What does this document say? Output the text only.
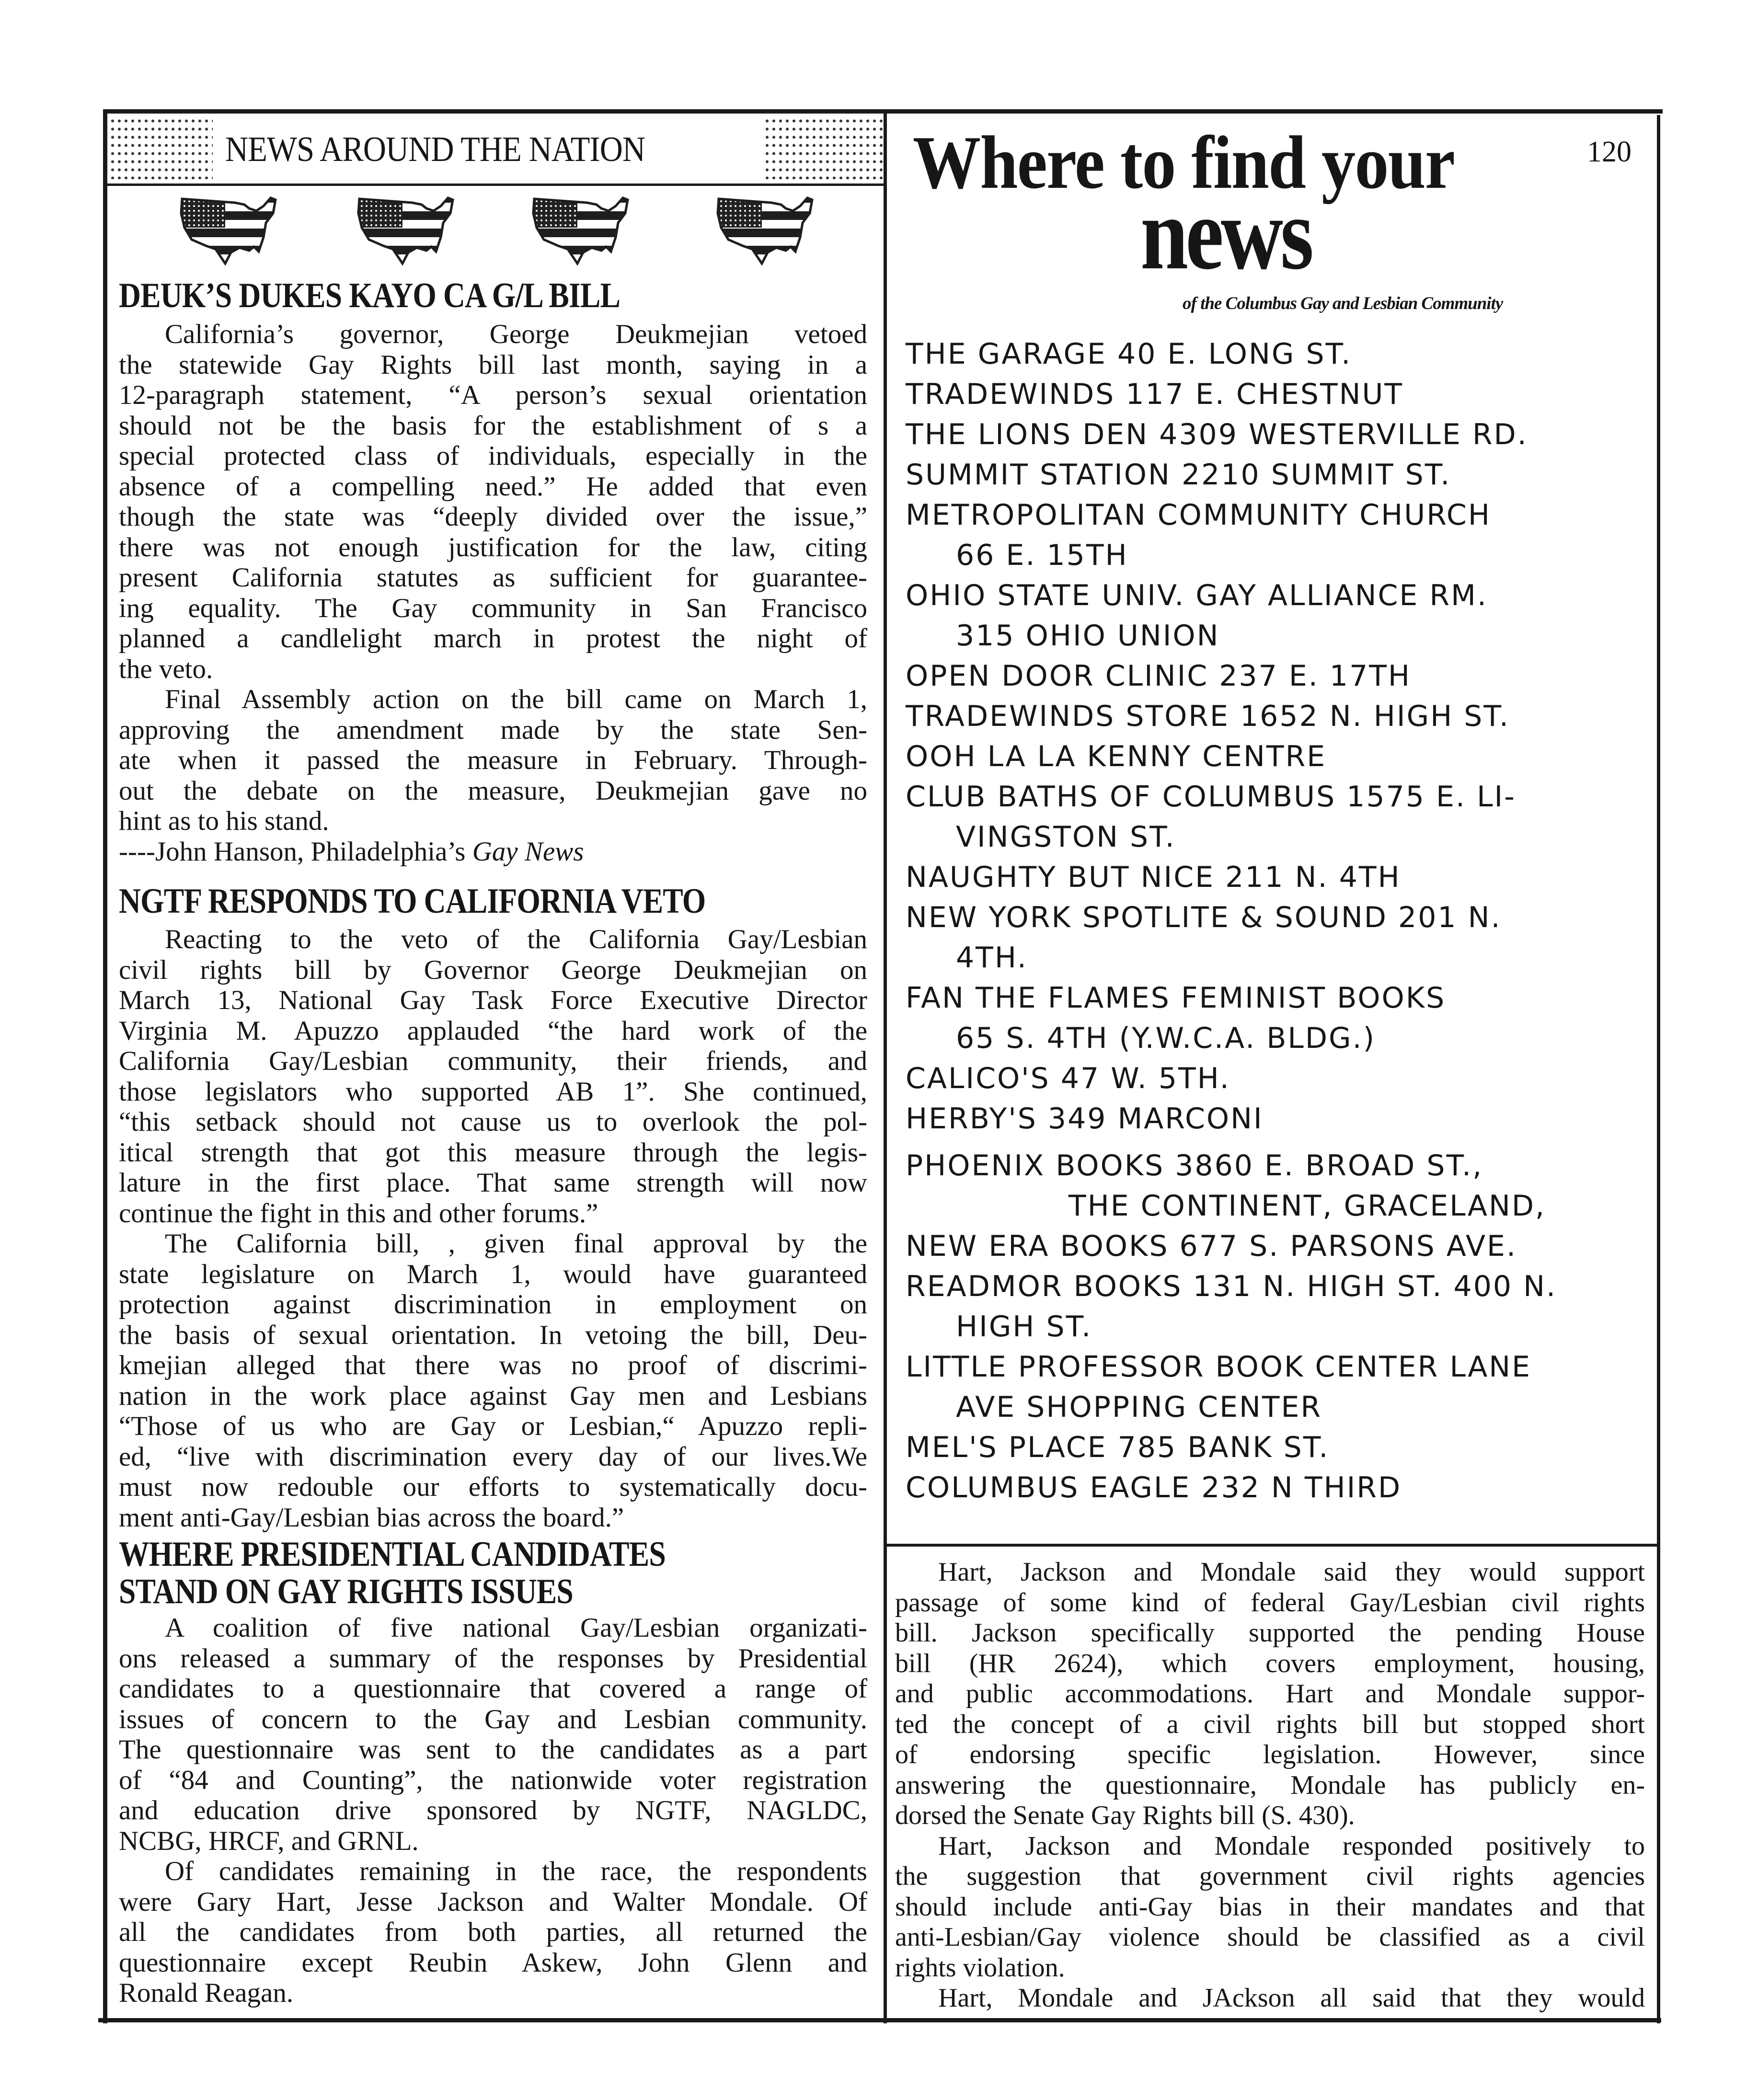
NEWS AROUND THE NATION
DEUK’S DUKES KAYO CA G/L BILL
California’s governor, George Deukmejian vetoed
the statewide Gay Rights bill last month, saying in a
12-paragraph statement, “A person’s sexual orientation
should not be the basis for the establishment of s a
special protected class of individuals, especially in the
absence of a compelling need.” He added that even
though the state was “deeply divided over the issue,”
there was not enough justification for the law, citing
present California statutes as sufficient for guarantee-
ing equality. The Gay community in San Francisco
planned a candlelight march in protest the night of
the veto.
Final Assembly action on the bill came on March 1,
approving the amendment made by the state Sen-
ate when it passed the measure in February. Through-
out the debate on the measure, Deukmejian gave no
hint as to his stand.
----John Hanson, Philadelphia’s Gay News
NGTF RESPONDS TO CALIFORNIA VETO
Reacting to the veto of the California Gay/Lesbian
civil rights bill by Governor George Deukmejian on
March 13, National Gay Task Force Executive Director
Virginia M. Apuzzo applauded “the hard work of the
California Gay/Lesbian community, their friends, and
those legislators who supported AB 1”. She continued,
“this setback should not cause us to overlook the pol-
itical strength that got this measure through the legis-
lature in the first place. That same strength will now
continue the fight in this and other forums.”
The California bill, , given final approval by the
state legislature on March 1, would have guaranteed
protection against discrimination in employment on
the basis of sexual orientation. In vetoing the bill, Deu-
kmejian alleged that there was no proof of discrimi-
nation in the work place against Gay men and Lesbians
“Those of us who are Gay or Lesbian,“ Apuzzo repli-
ed, “live with discrimination every day of our lives.We
must now redouble our efforts to systematically docu-
ment anti-Gay/Lesbian bias across the board.”
WHERE PRESIDENTIAL CANDIDATES
STAND ON GAY RIGHTS ISSUES
A coalition of five national Gay/Lesbian organizati-
ons released a summary of the responses by Presidential
candidates to a questionnaire that covered a range of
issues of concern to the Gay and Lesbian community.
The questionnaire was sent to the candidates as a part
of “84 and Counting”, the nationwide voter registration
and education drive sponsored by NGTF, NAGLDC,
NCBG, HRCF, and GRNL.
Of candidates remaining in the race, the respondents
were Gary Hart, Jesse Jackson and Walter Mondale. Of
all the candidates from both parties, all returned the
questionnaire except Reubin Askew, John Glenn and
Ronald Reagan.
Where to find your	120
news
of the Columbus Gay and Lesbian Community
THE GARAGE 40 E. LONG ST.
TRADEWINDS 117 E. CHESTNUT
THE LIONS DEN 4309 WESTERVILLE RD.
SUMMIT STATION 2210 SUMMIT ST.
METROPOLITAN COMMUNITY CHURCH
66 E. 15TH
OHIO STATE UNIV. GAY ALLIANCE RM.
315 OHIO UNION
OPEN DOOR CLINIC 237 E. 17TH
TRADEWINDS STORE 1652 N. HIGH ST.
OOH LA LA KENNY CENTRE
CLUB BATHS OF COLUMBUS 1575 E. LI-
VINGSTON ST.
NAUGHTY BUT NICE 211 N. 4TH
NEW YORK SPOTLITE & SOUND 201 N.
4TH.
FAN THE FLAMES FEMINIST BOOKS
65 S. 4TH (Y.W.C.A. BLDG.)
CALICO'S 47 W. 5TH.
HERBY'S 349 MARCONI
PHOENIX BOOKS 3860 E. BROAD ST.,
THE CONTINENT, GRACELAND,
NEW ERA BOOKS 677 S. PARSONS AVE.
READMOR BOOKS 131 N. HIGH ST. 400 N.
HIGH ST.
LITTLE PROFESSOR BOOK CENTER LANE
AVE SHOPPING CENTER
MEL'S PLACE 785 BANK ST.
COLUMBUS EAGLE 232 N THIRD
Hart, Jackson and Mondale said they would support
passage of some kind of federal Gay/Lesbian civil rights
bill. Jackson specifically supported the pending House
bill (HR 2624), which covers employment, housing,
and public accommodations. Hart and Mondale suppor-
ted the concept of a civil rights bill but stopped short
of endorsing specific legislation. However, since
answering the questionnaire, Mondale has publicly en-
dorsed the Senate Gay Rights bill (S. 430).
Hart, Jackson and Mondale responded positively to
the suggestion that government civil rights agencies
should include anti-Gay bias in their mandates and that
anti-Lesbian/Gay violence should be classified as a civil
rights violation.
Hart, Mondale and JAckson all said that they would
